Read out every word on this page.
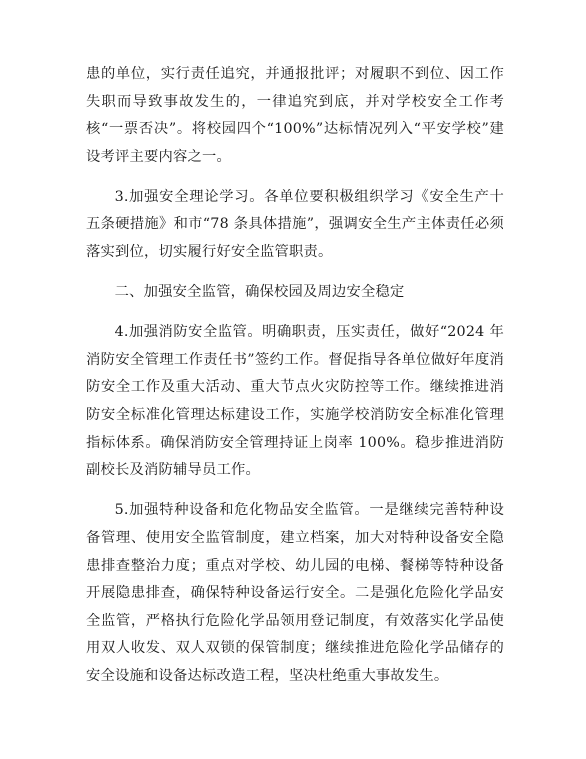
患的单位，实行责任追究，并通报批评；对履职不到位、因工作失职而导致事故发生的，一律追究到底，并对学校安全工作考核“一票否决”。将校园四个“100%”达标情况列入“平安学校”建设考评主要内容之一。

3.加强安全理论学习。各单位要积极组织学习《安全生产十五条硬措施》和市“78 条具体措施”，强调安全生产主体责任必须落实到位，切实履行好安全监管职责。

二、加强安全监管，确保校园及周边安全稳定

4.加强消防安全监管。明确职责，压实责任，做好“2024 年消防安全管理工作责任书”签约工作。督促指导各单位做好年度消防安全工作及重大活动、重大节点火灾防控等工作。继续推进消防安全标准化管理达标建设工作，实施学校消防安全标准化管理指标体系。确保消防安全管理持证上岗率 100%。稳步推进消防副校长及消防辅导员工作。

5.加强特种设备和危化物品安全监管。一是继续完善特种设备管理、使用安全监管制度，建立档案，加大对特种设备安全隐患排查整治力度；重点对学校、幼儿园的电梯、餐梯等特种设备开展隐患排查，确保特种设备运行安全。二是强化危险化学品安全监管，严格执行危险化学品领用登记制度，有效落实化学品使用双人收发、双人双锁的保管制度；继续推进危险化学品储存的安全设施和设备达标改造工程，坚决杜绝重大事故发生。
